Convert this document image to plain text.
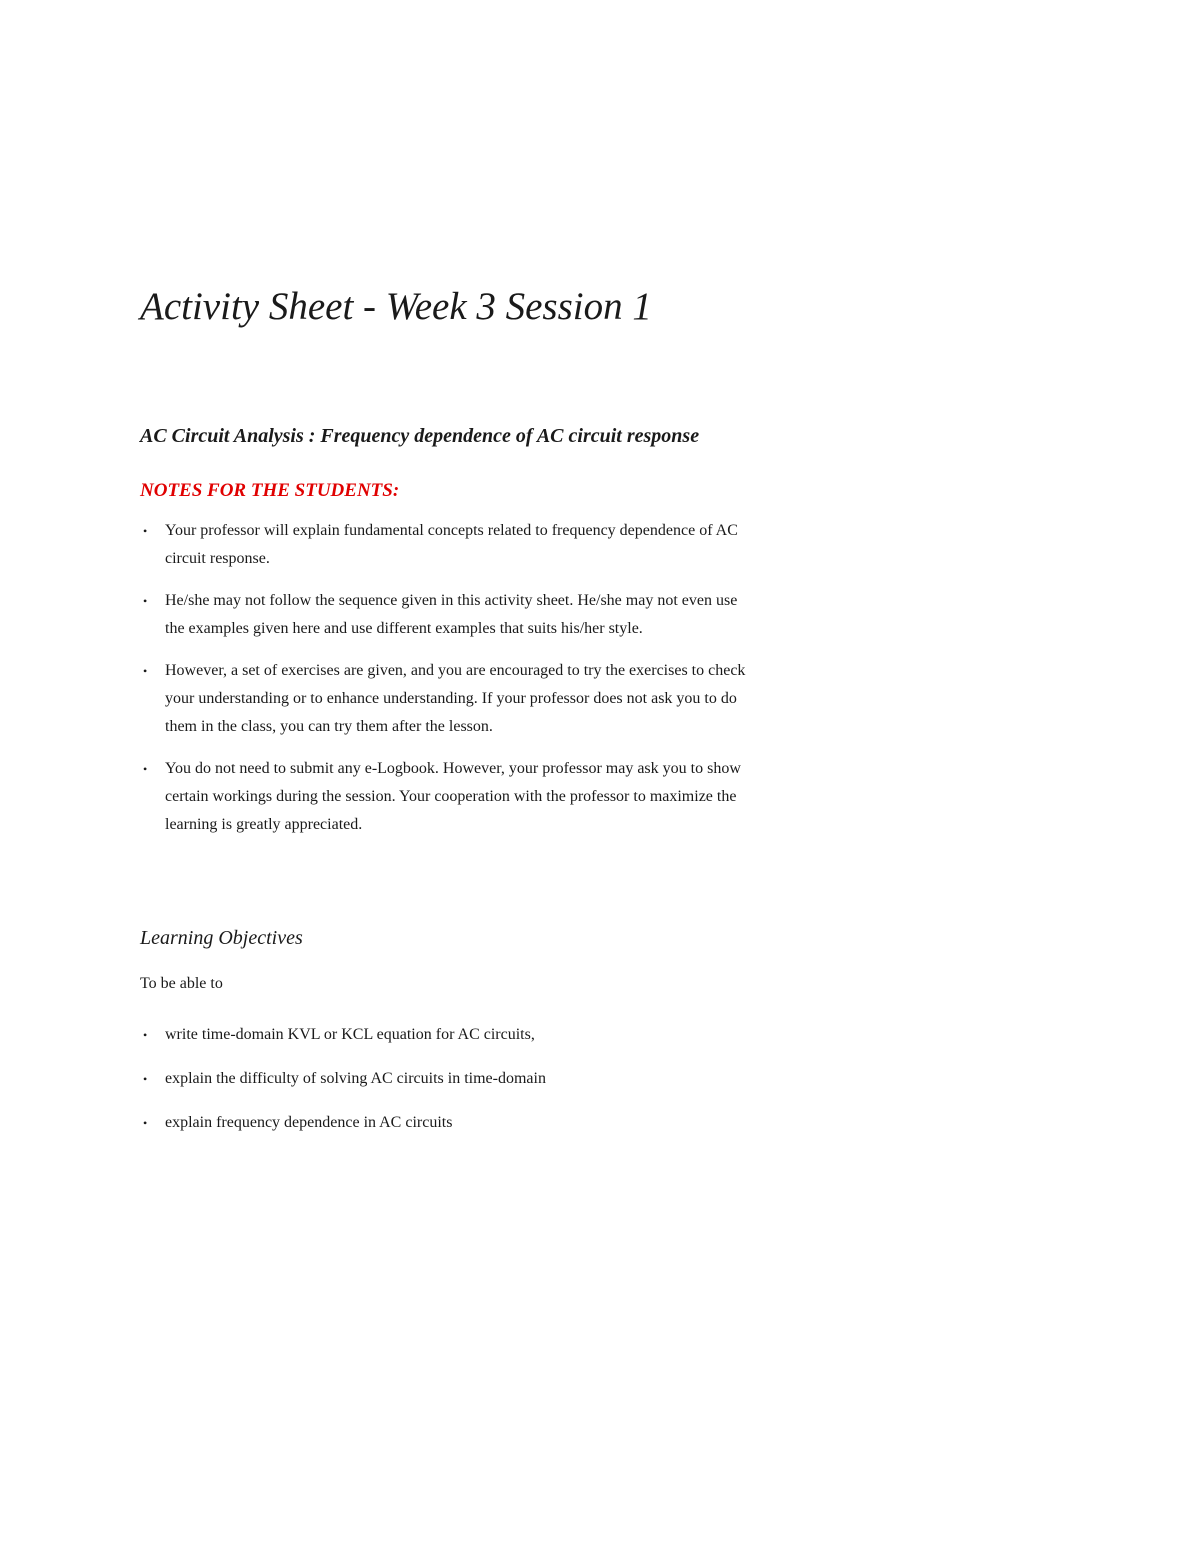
Activity Sheet - Week 3 Session 1
AC Circuit Analysis : Frequency dependence of AC circuit response
NOTES FOR THE STUDENTS:
• Your professor will explain fundamental concepts related to frequency dependence of AC circuit response.
• He/she may not follow the sequence given in this activity sheet. He/she may not even use the examples given here and use different examples that suits his/her style.
• However, a set of exercises are given, and you are encouraged to try the exercises to check your understanding or to enhance understanding. If your professor does not ask you to do them in the class, you can try them after the lesson.
• You do not need to submit any e-Logbook. However, your professor may ask you to show certain workings during the session. Your cooperation with the professor to maximize the learning is greatly appreciated.
Learning Objectives

To be able to

• write time-domain KVL or KCL equation for AC circuits,
• explain the difficulty of solving AC circuits in time-domain
• explain frequency dependence in AC circuits
